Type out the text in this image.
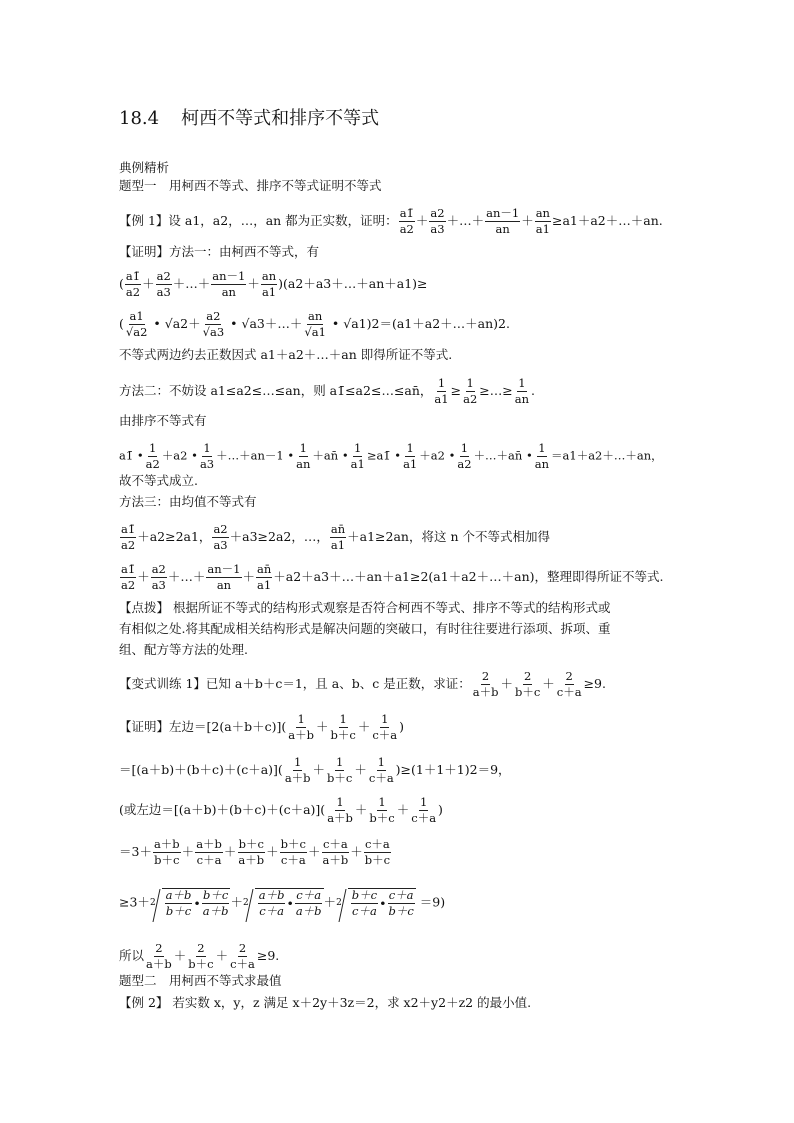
18.4 柯西不等式和排序不等式
典例精析
题型一　用柯西不等式、排序不等式证明不等式
【例 1】设 a1，a2，…，an 都为正实数，证明： $\frac{a1̄}{a2} + \frac{a2}{a3}$ ＋…＋ $\frac{an-1}{an} + \frac{an}{a1}$ ≥a1＋a2＋…＋an.
【证明】方法一：由柯西不等式，有
( $\frac{a1̄}{a2} + \frac{a2}{a3}$ ＋…＋ $\frac{an-1}{an} + \frac{an}{a1}$ )(a2＋a3＋…＋an＋a1)≥
( $\frac{a1}{√a2}$ • $√a2+ \frac{a2}{√a3}$ • √a3＋…＋ $\frac{an}{√a1}$ • √a1)2＝(a1＋a2＋…＋an)2.
不等式两边约去正数因式 a1＋a2＋…＋an 即得所证不等式.
方法二：不妨设 a1≤a2≤…≤an，则 a1̄≤a2≤…≤an̄， $\frac{1}{a1} \ge \frac{1}{a2}$ ≥…≥ $\frac{1}{an}$ .
由排序不等式有
a1̄ • $\frac{1}{a2} +a2$ • $\frac{1}{a3}$ ＋…＋an－1 • $\frac{1}{an}$ ＋an̄ • $\frac{1}{a1}$ ≥a1̄ • $\frac{1}{a1} +a2$ • $\frac{1}{a2}$ ＋…＋an̄ • $\frac{1}{an}$ ＝a1＋a2＋…＋an，
故不等式成立.
方法三：由均值不等式有
$\frac{a1̄}{a2} +a2\ge 2a1$， $\frac{a2}{a3} +a3\ge 2a2$，…， $\frac{an̄}{a1} +a1\ge 2an$，将这 n 个不等式相加得
$\frac{a1̄}{a2} + \frac{a2}{a3}$ ＋…＋ $\frac{an-1}{an} + \frac{an̄}{a1}$ ＋a2＋a3＋…＋an＋a1≥2(a1＋a2＋…＋an)，整理即得所证不等式.
【点拨】 根据所证不等式的结构形式观察是否符合柯西不等式、排序不等式的结构形式或
有相似之处.将其配成相关结构形式是解决问题的突破口，有时往往要进行添项、拆项、重
组、配方等方法的处理.
【变式训练 1】已知 a＋b＋c＝1，且 a、b、c 是正数，求证： $\frac{2}{a+b} + \frac{2}{b+c} + \frac{2}{c+a} \ge 9$.
【证明】左边$=[2(a+b+c)]( \frac{1}{a+b} + \frac{1}{b+c} + \frac{1}{c+a}$ )
$=[(a+b)+(b+c)+(c+a)]( \frac{1}{a+b} + \frac{1}{b+c} + \frac{1}{c+a} )\ge(1+1+1)2=9$，
(或左边$=[(a+b)+(b+c)+(c+a)]( \frac{1}{a+b} + \frac{1}{b+c} + \frac{1}{c+a}$ )
$=3+ \frac{a+b}{b+c} + \frac{a+b}{c+a} + \frac{b+c}{a+b} + \frac{b+c}{c+a} + \frac{c+a}{a+b} + \frac{c+a}{b+c}$
$\ge 3+2 \frac{a+b}{b+c}$ • $\frac{b+c}{a+b} +2 \frac{a+b}{c+a}$ • $\frac{c+a}{a+b} +2 \frac{b+c}{c+a}$ • $\frac{c+a}{b+c} =9$)
所以 $\frac{2}{a+b} + \frac{2}{b+c} + \frac{2}{c+a} \ge 9$.
题型二　用柯西不等式求最值
【例 2】 若实数 x，y，z 满足 x＋2y＋3z＝2，求 x2＋y2＋z2 的最小值.
